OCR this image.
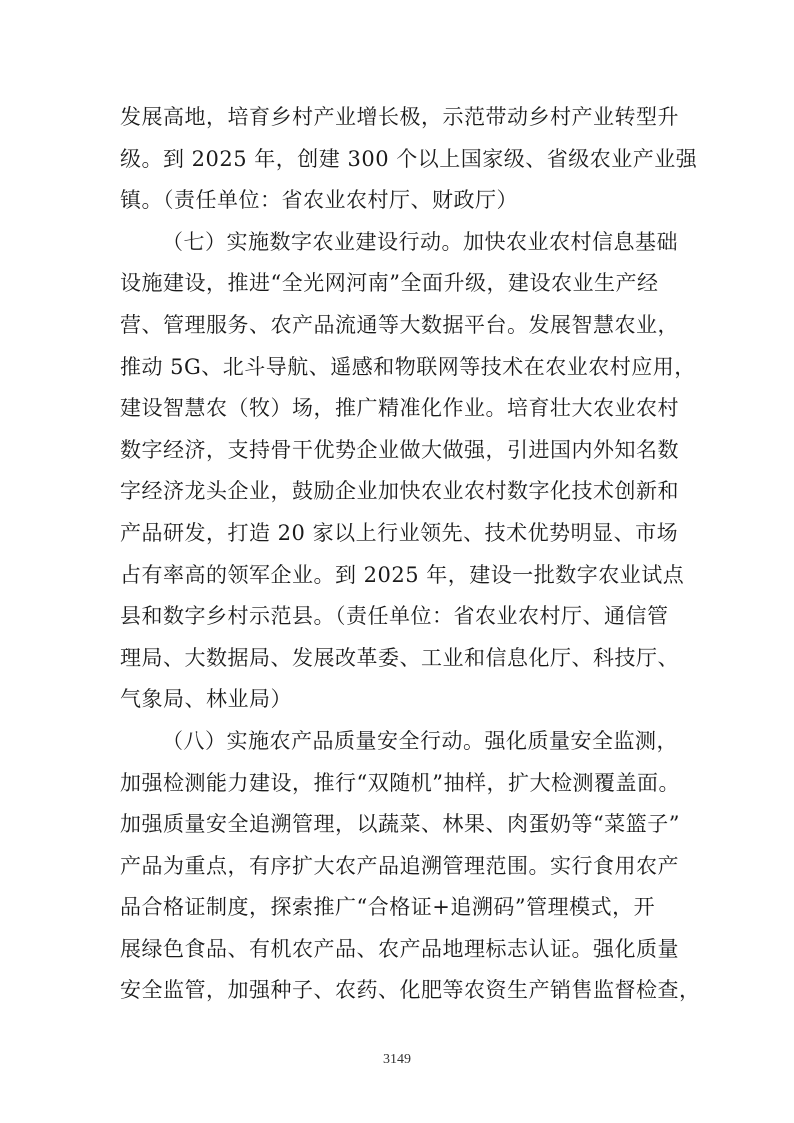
发展高地，培育乡村产业增长极，示范带动乡村产业转型升
级。到 2025 年，创建 300 个以上国家级、省级农业产业强
镇。（责任单位：省农业农村厅、财政厅）
（七）实施数字农业建设行动。加快农业农村信息基础
设施建设，推进“全光网河南”全面升级，建设农业生产经
营、管理服务、农产品流通等大数据平台。发展智慧农业，
推动 5G、北斗导航、遥感和物联网等技术在农业农村应用，
建设智慧农（牧）场，推广精准化作业。培育壮大农业农村
数字经济，支持骨干优势企业做大做强，引进国内外知名数
字经济龙头企业，鼓励企业加快农业农村数字化技术创新和
产品研发，打造 20 家以上行业领先、技术优势明显、市场
占有率高的领军企业。到 2025 年，建设一批数字农业试点
县和数字乡村示范县。（责任单位：省农业农村厅、通信管
理局、大数据局、发展改革委、工业和信息化厅、科技厅、
气象局、林业局）
（八）实施农产品质量安全行动。强化质量安全监测，
加强检测能力建设，推行“双随机”抽样，扩大检测覆盖面。
加强质量安全追溯管理，以蔬菜、林果、肉蛋奶等“菜篮子”
产品为重点，有序扩大农产品追溯管理范围。实行食用农产
品合格证制度，探索推广“合格证+追溯码”管理模式，开
展绿色食品、有机农产品、农产品地理标志认证。强化质量
安全监管，加强种子、农药、化肥等农资生产销售监督检查，
3149
